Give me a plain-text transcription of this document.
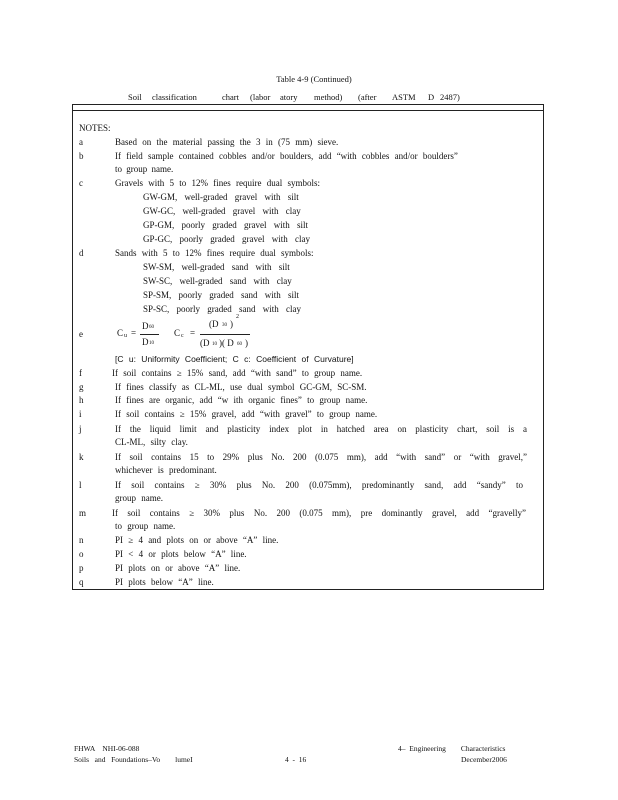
Table 4-9 (Continued)
Soil classification	chart (labor atory method) (after ASTM D 2487)
NOTES:
a	Based on the material passing the 3 in (75 mm) sieve.
b	If field sample contained cobbles and/or boulders, add “with cobbles and/or boulders”
to group name.
c	Gravels with 5 to 12% fines require dual symbols:
GW-GM, well-graded gravel with silt
GW-GC, well-graded gravel with clay
GP-GM, poorly graded gravel with silt
GP-GC, poorly graded gravel with clay
d	Sands with 5 to 12% fines require dual symbols:
SW-SM, well-graded sand with silt
SW-SC, well-graded sand with clay
SP-SM, poorly graded sand with silt
SP-SC, poorly graded sand with clay
e	C u =
D 60
D 10
C c =
(D 30 )
2
(D 10 )( D 60 )
[C u: Uniformity Coefficient; C c: Coefficient of Curvature]
f	If soil contains ≥ 15% sand, add “with sand” to group name.
g	If fines classify as CL-ML, use dual symbol GC-GM, SC-SM.
h	If fines are organic, add “w ith organic fines” to group name.
i	If soil contains ≥ 15% gravel, add “with gravel” to group name.
j	If the liquid limit and plasticity index plot in hatched area on plasticity chart, soil is a
CL-ML, silty clay.
k	If soil contains 15 to 29% plus No. 200 (0.075 mm), add “with sand” or “with gravel,”
whichever is predominant.
l	If soil contains ≥ 30% plus No. 200 (0.075mm), predominantly sand, add “sandy” to
group name.
m	If soil contains ≥ 30% plus No. 200 (0.075 mm), pre dominantly gravel, add “gravelly”
to group name.
n	PI ≥ 4 and plots on or above “A” line.
o	PI < 4 or plots below “A” line.
p	PI plots on or above “A” line.
q	PI plots below “A” line.
FHWA    NHI-06-088
Soils   and   Foundations–Vo        lumeI	4  -  16
4–  Engineering        Characteristics
December2006
